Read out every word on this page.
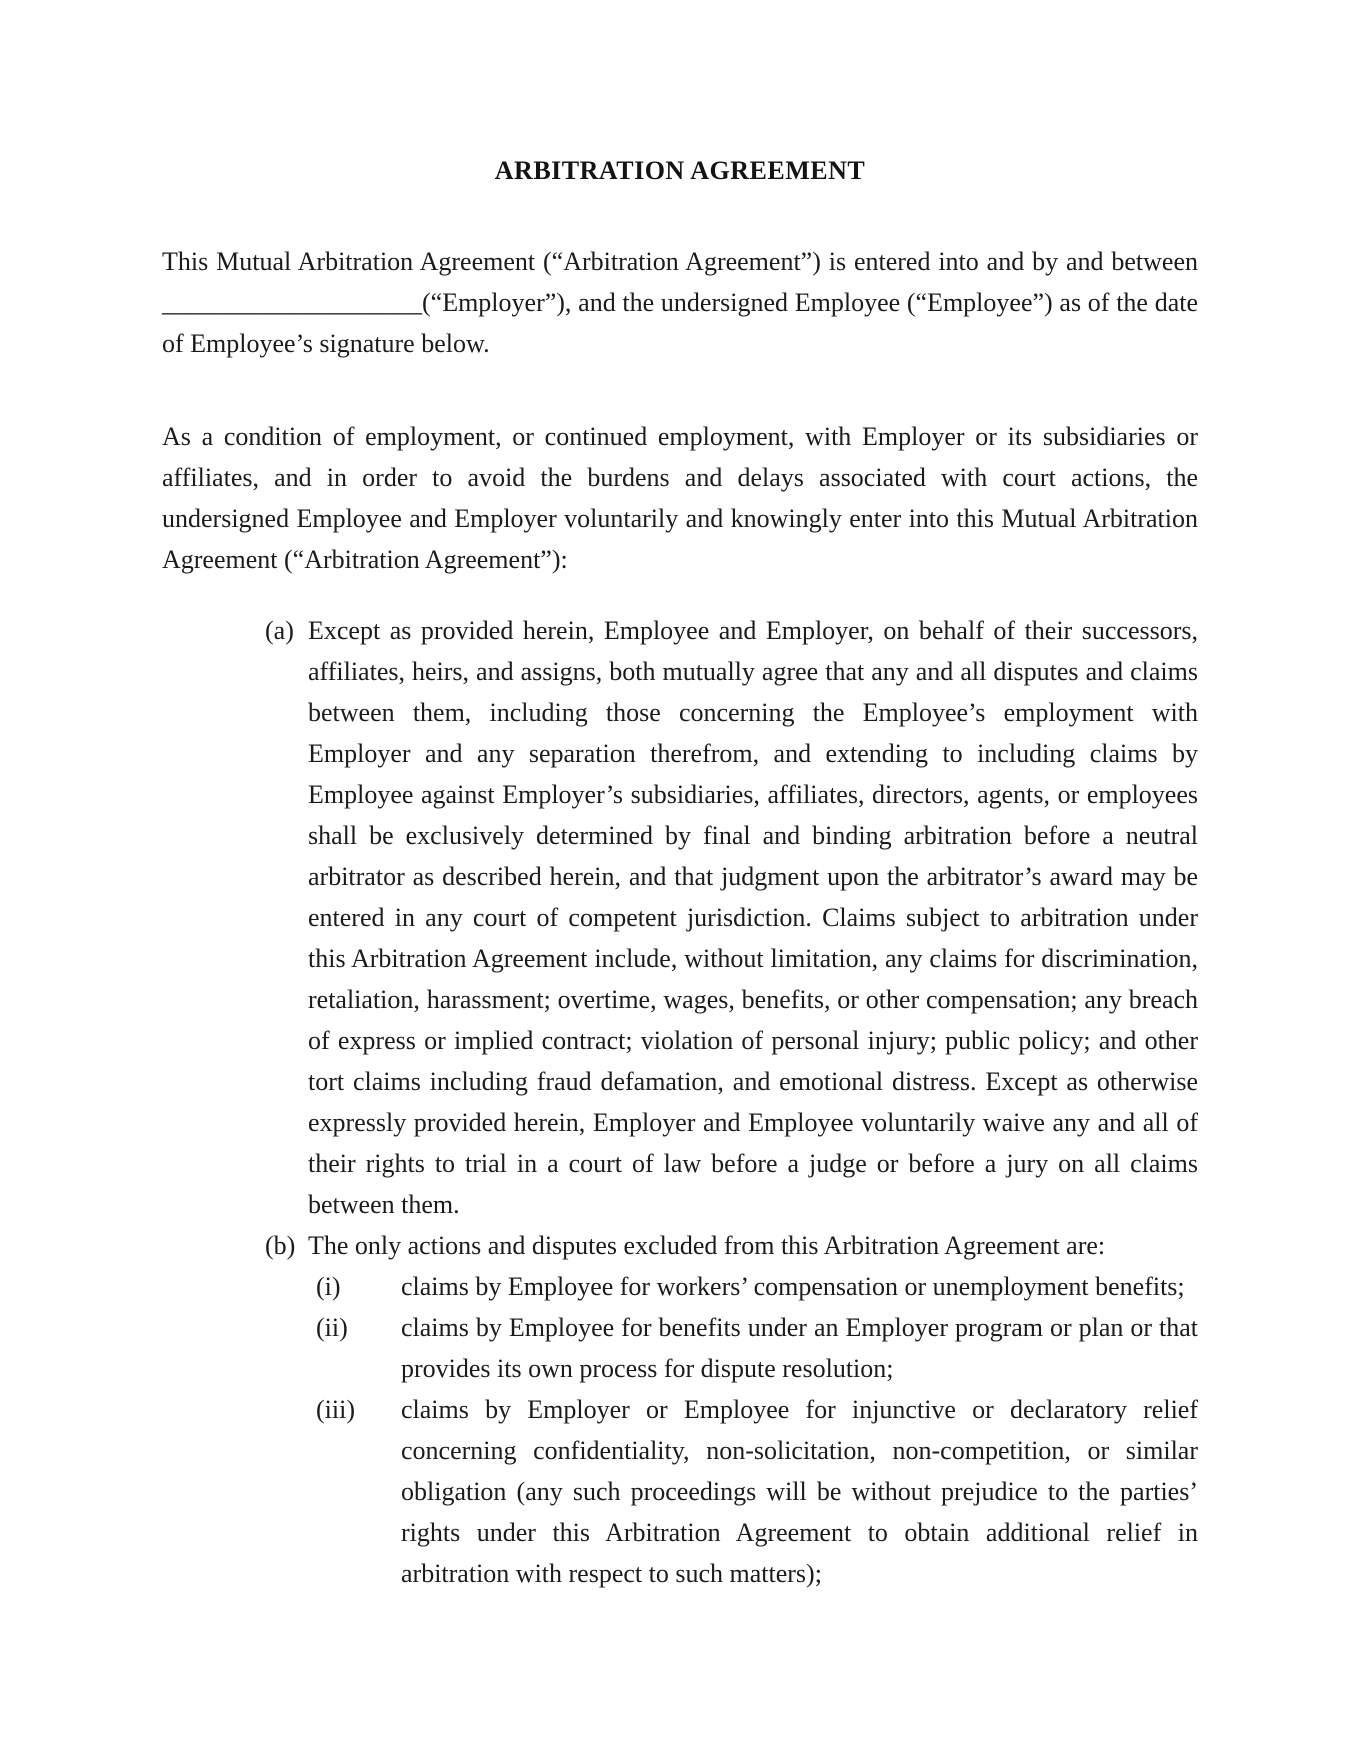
ARBITRATION AGREEMENT

This Mutual Arbitration Agreement (“Arbitration Agreement”) is entered into and by and between ____________________(“Employer”), and the undersigned Employee (“Employee”) as of the date of Employee’s signature below.

As a condition of employment, or continued employment, with Employer or its subsidiaries or affiliates, and in order to avoid the burdens and delays associated with court actions, the undersigned Employee and Employer voluntarily and knowingly enter into this Mutual Arbitration Agreement (“Arbitration Agreement”):

(a) Except as provided herein, Employee and Employer, on behalf of their successors, affiliates, heirs, and assigns, both mutually agree that any and all disputes and claims between them, including those concerning the Employee’s employment with Employer and any separation therefrom, and extending to including claims by Employee against Employer’s subsidiaries, affiliates, directors, agents, or employees shall be exclusively determined by final and binding arbitration before a neutral arbitrator as described herein, and that judgment upon the arbitrator’s award may be entered in any court of competent jurisdiction. Claims subject to arbitration under this Arbitration Agreement include, without limitation, any claims for discrimination, retaliation, harassment; overtime, wages, benefits, or other compensation; any breach of express or implied contract; violation of personal injury; public policy; and other tort claims including fraud defamation, and emotional distress. Except as otherwise expressly provided herein, Employer and Employee voluntarily waive any and all of their rights to trial in a court of law before a judge or before a jury on all claims between them.
(b) The only actions and disputes excluded from this Arbitration Agreement are:
(i)	claims by Employee for workers’ compensation or unemployment benefits;
(ii)	claims by Employee for benefits under an Employer program or plan or that provides its own process for dispute resolution;
(iii)	claims by Employer or Employee for injunctive or declaratory relief concerning confidentiality, non-solicitation, non-competition, or similar obligation (any such proceedings will be without prejudice to the parties’ rights under this Arbitration Agreement to obtain additional relief in arbitration with respect to such matters);
